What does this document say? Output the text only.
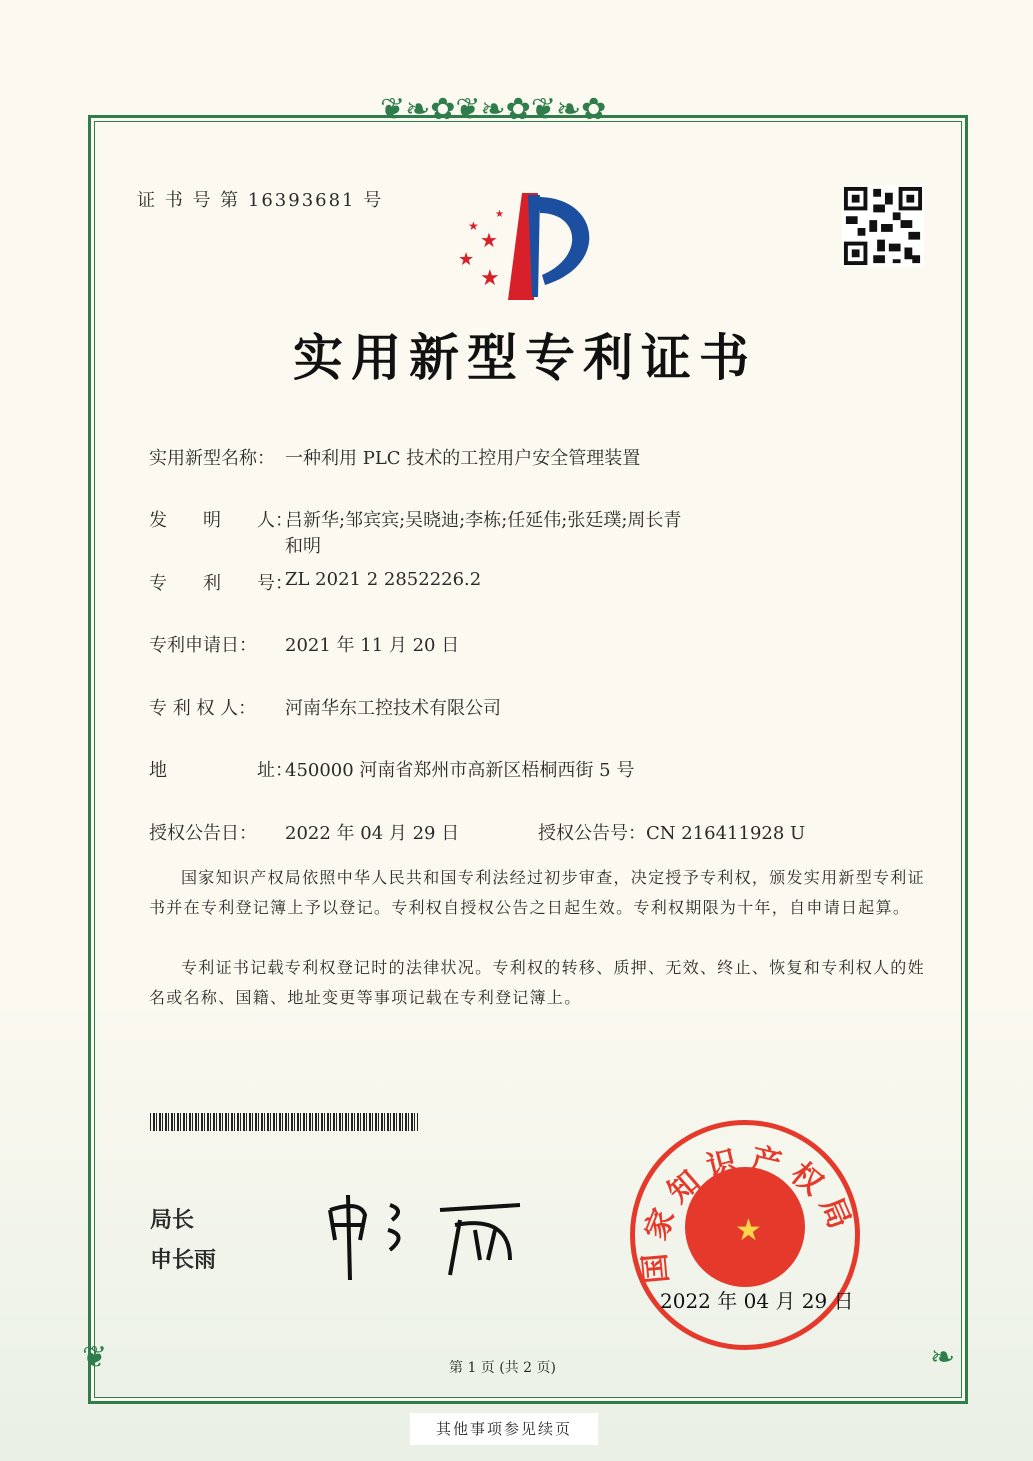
❦❧✿❦❧✿❦❧✿
❦	❧
证 书 号 第 16393681 号
★
★
★
★
★
实用新型专利证书
实用新型名称： 一种利用 PLC 技术的工控用户安全管理装置
发　　明　　人：吕新华;邹宾宾;吴晓迪;李栋;任延伟;张廷璞;周长青
和明
专　　利　　号：ZL 2021 2 2852226.2
专利申请日： 2021 年 11 月 20 日
专 利 权 人： 河南华东工控技术有限公司
地　　　　　址：450000 河南省郑州市高新区梧桐西街 5 号
授权公告日： 2022 年 04 月 29 日	授权公告号：CN 216411928 U
国家知识产权局依照中华人民共和国专利法经过初步审查，决定授予专利权，颁发实用新型专利证书并在专利登记簿上予以登记。专利权自授权公告之日起生效。专利权期限为十年，自申请日起算。
专利证书记载专利权登记时的法律状况。专利权的转移、质押、无效、终止、恢复和专利权人的姓名或名称、国籍、地址变更等事项记载在专利登记簿上。
局长
申长雨	国家知识产权局
★
2022 年 04 月 29 日
第 1 页 (共 2 页)
其他事项参见续页
